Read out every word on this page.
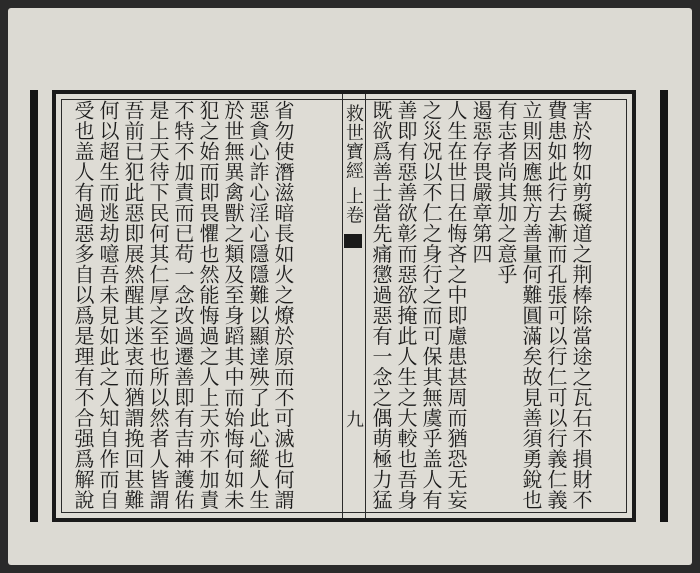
救世寶經 上卷
九	害於物如剪礙道之荆棒除當途之瓦石不損財不
費患如此行去漸而孔張可以行仁可以行義仁義
立則因應無方善量何難圓滿矣故見善須勇銳也
有志者尚其加之意乎
遏惡存畏嚴章第四
人生在世日在悔吝之中即慮患甚周而猶恐无妄
之災况以不仁之身行之而可保其無虞乎盖人有
善即有惡善欲彰而惡欲掩此人生之大較也吾身
既欲爲善士當先痛懲過惡有一念之偶萌極力猛
省勿使潛滋暗長如火之燎於原而不可滅也何謂
惡貪心詐心淫心隱隱難以顯達殃了此心縱人生
於世無異禽獸之類及至身蹈其中而始悔何如未
犯之始而即畏懼也然能悔過之人上天亦不加責
不特不加責而已苟一念改過遷善即有吉神護佑
是上天待下民何其仁厚之至也所以然者人皆謂
吾前已犯此惡即展然醒其迷衷而猶謂挽回甚難
何以超生而逃劫噫吾未見如此之人知自作而自
受也盖人有過惡多自以爲是理有不合强爲解說
